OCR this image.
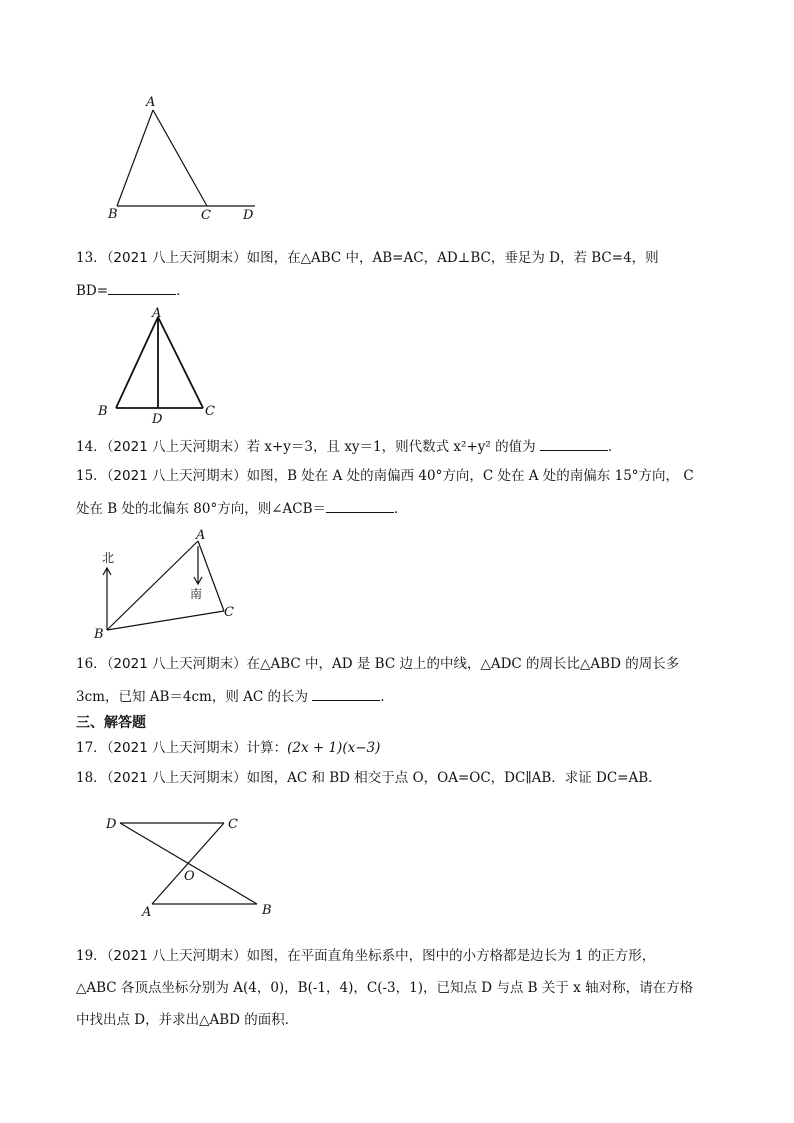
A
B	C D
13．（2021 八上天河期末）如图，在△ABC 中，AB=AC，AD⊥BC，垂足为 D，若 BC=4，则
BD=	．
A
B
D
C
14．（2021 八上天河期末）若 x+y＝3，且 xy＝1，则代数式 x²+y² 的值为	．
15．（2021 八上天河期末）如图，B 处在 A 处的南偏西 40°方向，C 处在 A 处的南偏东 15°方向， C
处在 B 处的北偏东 80°方向，则∠ACB＝	．
北
南
A
B
C
16．（2021 八上天河期末）在△ABC 中，AD 是 BC 边上的中线，△ADC 的周长比△ABD 的周长多
3cm，已知 AB＝4cm，则 AC 的长为	．
三、解答题
17．（2021 八上天河期末）计算：(2x + 1)(x−3)
18．（2021 八上天河期末）如图，AC 和 BD 相交于点 O，OA=OC，DC∥AB．求证 DC=AB．
D	C
O
A	B
19．（2021 八上天河期末）如图，在平面直角坐标系中，图中的小方格都是边长为 1 的正方形，
△ABC 各顶点坐标分别为 A(4，0)，B(-1，4)，C(-3，1)，已知点 D 与点 B 关于 x 轴对称，请在方格
中找出点 D，并求出△ABD 的面积．
